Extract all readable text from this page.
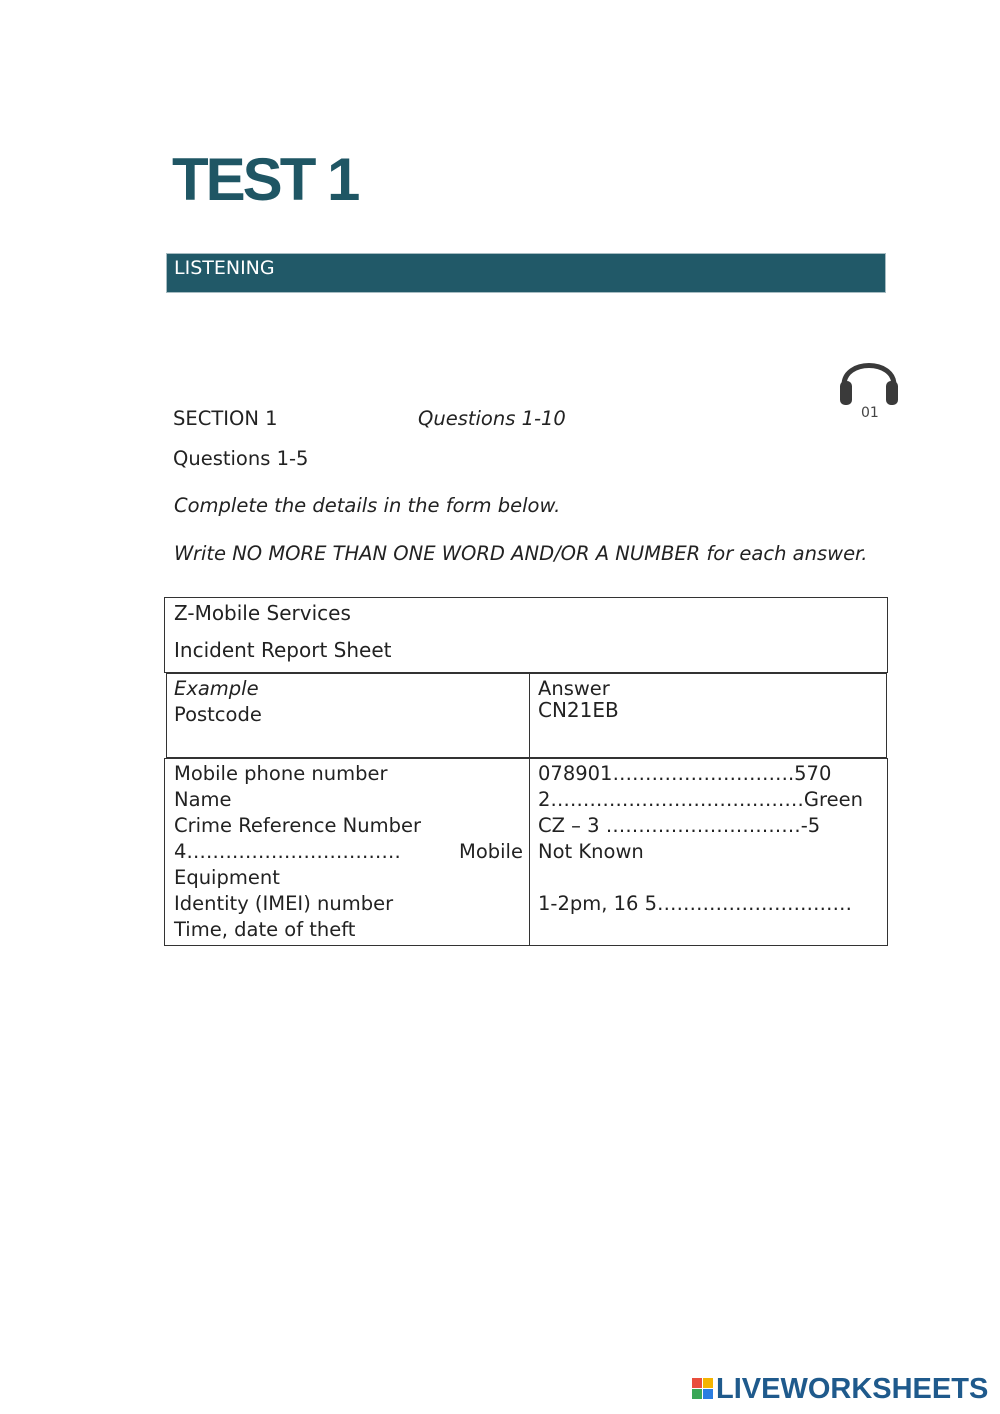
TEST 1
LISTENING
01
SECTION 1	Questions 1-10
Questions 1-5
Complete the details in the form below.
Write NO MORE THAN ONE WORD AND/OR A NUMBER for each answer.
Z-Mobile Services
Incident Report Sheet
Example
Postcode
Answer
CN21EB
Mobile phone number
Name
Crime Reference Number
4……………………………	Mobile
Equipment
Identity (IMEI) number
Time, date of theft
078901……………………….570
2…………………………………Green
CZ – 3 …………………………-5
Not Known
1-2pm, 16 5…………………………
LIVEWORKSHEETS
